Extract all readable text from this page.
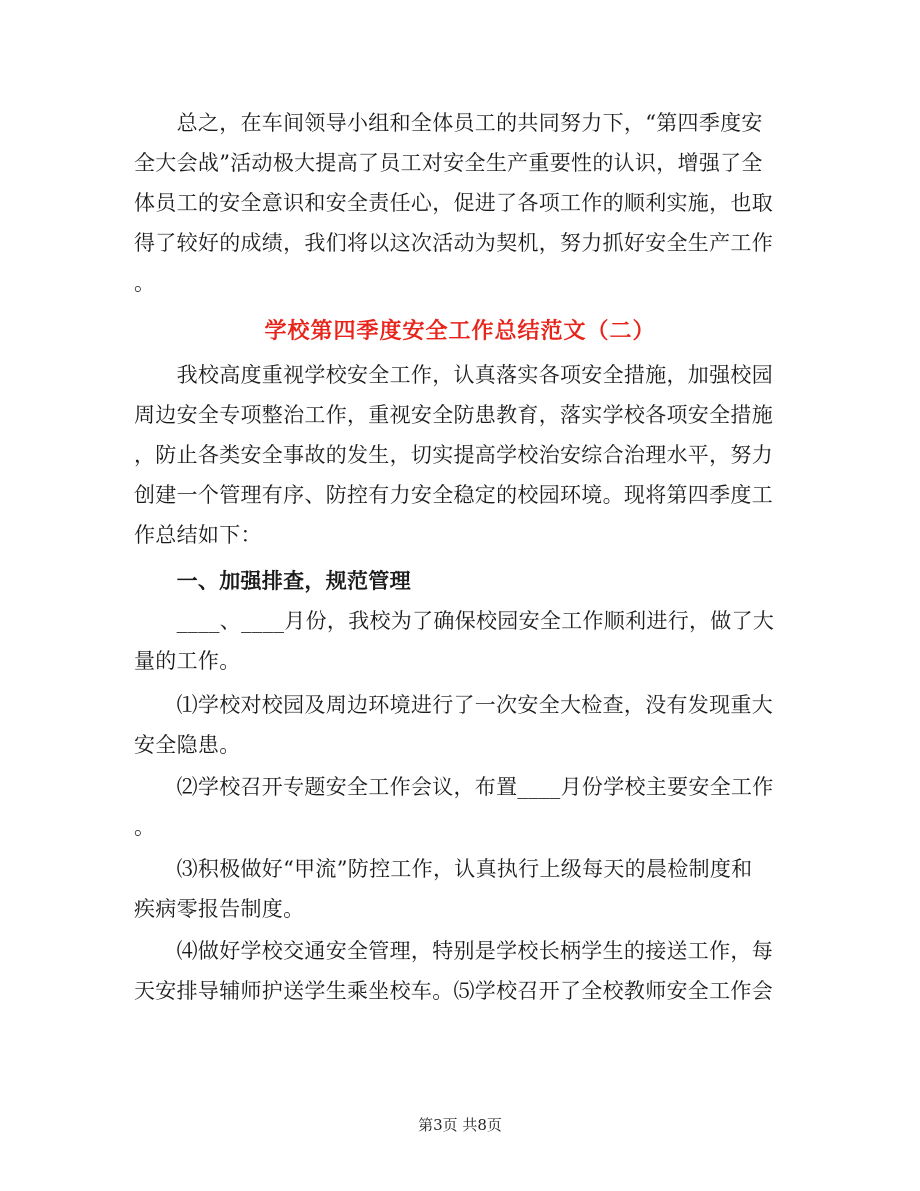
　　总之，在车间领导小组和全体员工的共同努力下，“第四季度安
全大会战”活动极大提高了员工对安全生产重要性的认识，增强了全
体员工的安全意识和安全责任心，促进了各项工作的顺利实施，也取
得了较好的成绩，我们将以这次活动为契机，努力抓好安全生产工作
。
学校第四季度安全工作总结范文（二）
　　我校高度重视学校安全工作，认真落实各项安全措施，加强校园
周边安全专项整治工作，重视安全防患教育，落实学校各项安全措施
，防止各类安全事故的发生，切实提高学校治安综合治理水平，努力
创建一个管理有序、防控有力安全稳定的校园环境。现将第四季度工
作总结如下：
　　一、加强排查，规范管理
　　____、____月份，我校为了确保校园安全工作顺利进行，做了大
量的工作。
　　⑴学校对校园及周边环境进行了一次安全大检查，没有发现重大
安全隐患。
　　⑵学校召开专题安全工作会议，布置____月份学校主要安全工作
。
　　⑶积极做好“甲流”防控工作，认真执行上级每天的晨检制度和
疾病零报告制度。
　　⑷做好学校交通安全管理，特别是学校长柄学生的接送工作，每
天安排导辅师护送学生乘坐校车。⑸学校召开了全校教师安全工作会
第3页 共8页
